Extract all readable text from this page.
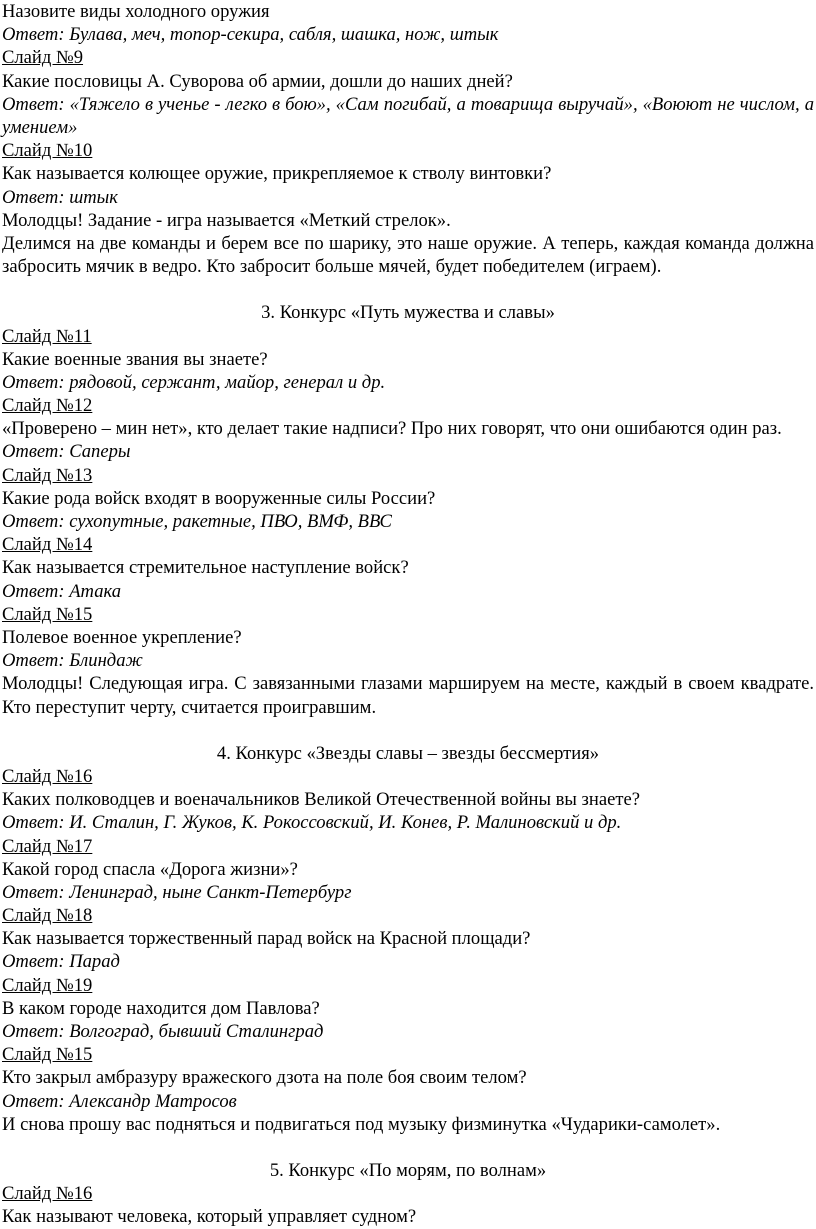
Назовите виды холодного оружия
Ответ: Булава, меч, топор-секира, сабля, шашка, нож, штык
Слайд №9
Какие пословицы А. Суворова об армии, дошли до наших дней?
Ответ: «Тяжело в ученье - легко в бою», «Сам погибай, а товарища выручай», «Воюют не числом, а умением»
Слайд №10
Как называется колющее оружие, прикрепляемое к стволу винтовки?
Ответ: штык
Молодцы! Задание - игра называется «Меткий стрелок».
Делимся на две команды и берем все по шарику, это наше оружие. А теперь, каждая команда должна забросить мячик в ведро. Кто забросит больше мячей, будет победителем (играем).
3. Конкурс «Путь мужества и славы»
Слайд №11
Какие военные звания вы знаете?
Ответ: рядовой, сержант, майор, генерал и др.
Слайд №12
«Проверено – мин нет», кто делает такие надписи? Про них говорят, что они ошибаются один раз.
Ответ: Саперы
Слайд №13
Какие рода войск входят в вооруженные силы России?
Ответ: сухопутные, ракетные, ПВО, ВМФ, ВВС
Слайд №14
Как называется стремительное наступление войск?
Ответ: Атака
Слайд №15
Полевое военное укрепление?
Ответ: Блиндаж
Молодцы! Следующая игра. С завязанными глазами маршируем на месте, каждый в своем квадрате. Кто переступит черту, считается проигравшим.
4. Конкурс «Звезды славы – звезды бессмертия»
Слайд №16
Каких полководцев и военачальников Великой Отечественной войны вы знаете?
Ответ: И. Сталин, Г. Жуков, К. Рокоссовский, И. Конев, Р. Малиновский и др.
Слайд №17
Какой город спасла «Дорога жизни»?
Ответ: Ленинград, ныне Санкт-Петербург
Слайд №18
Как называется торжественный парад войск на Красной площади?
Ответ: Парад
Слайд №19
В каком городе находится дом Павлова?
Ответ: Волгоград, бывший Сталинград
Слайд №15
Кто закрыл амбразуру вражеского дзота на поле боя своим телом?
Ответ: Александр Матросов
И снова прошу вас подняться и подвигаться под музыку физминутка «Чударики-самолет».
5. Конкурс «По морям, по волнам»
Слайд №16
Как называют человека, который управляет судном?
